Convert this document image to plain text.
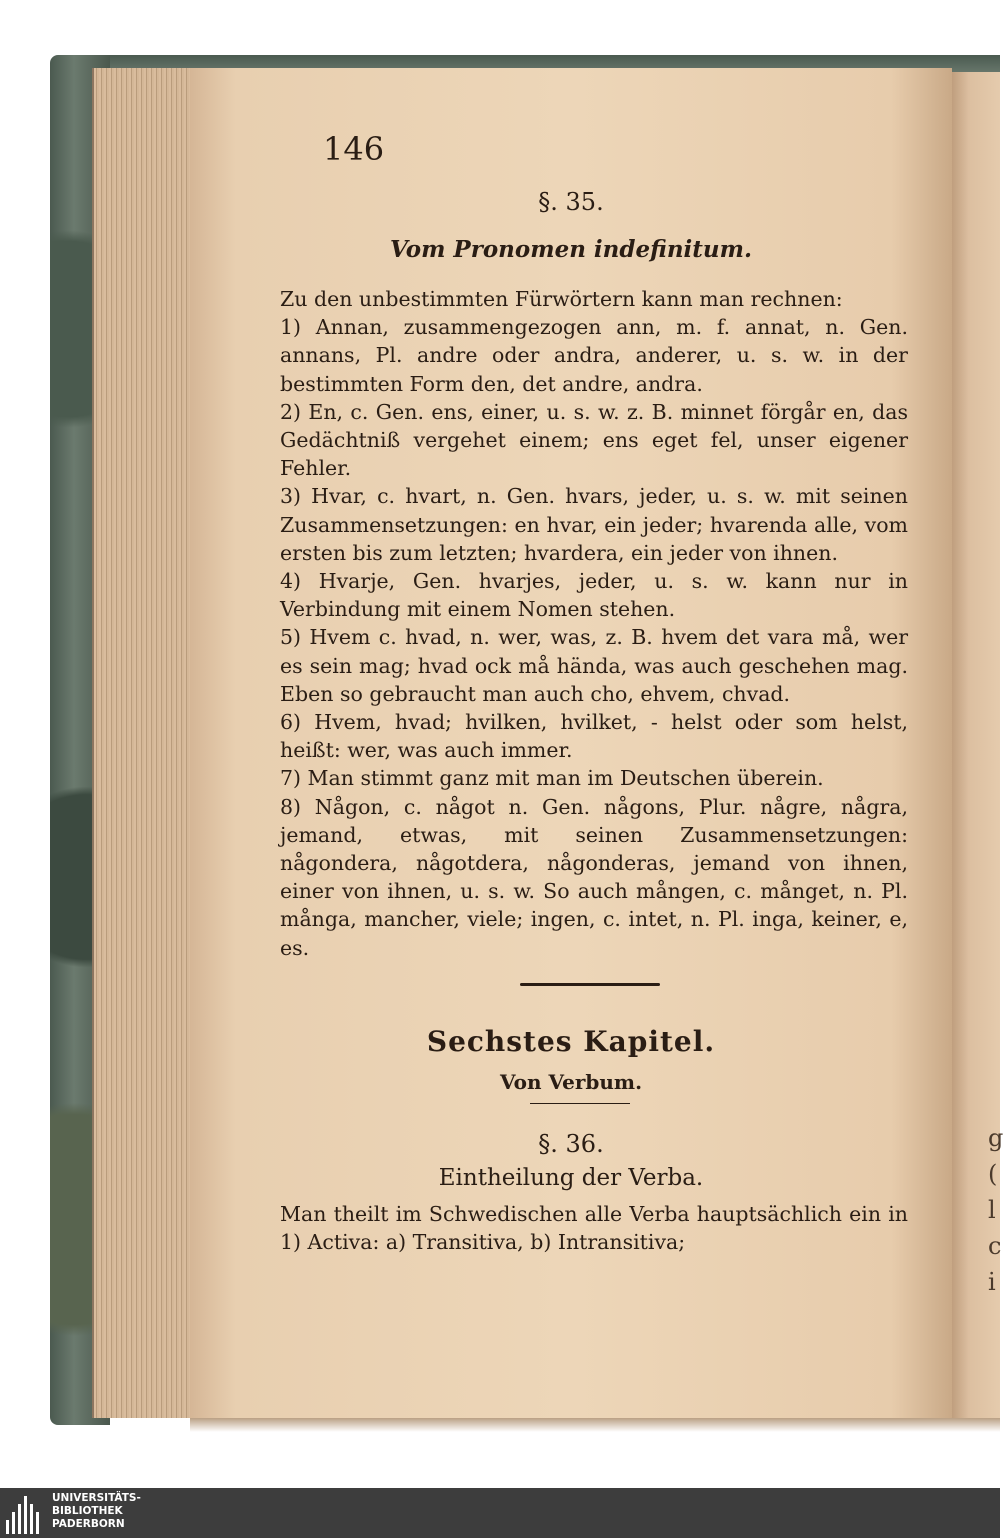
g
(
l
c
i
146
§. 35.
Vom Pronomen indefinitum.

Zu den unbestimmten Fürwörtern kann man rechnen:

1) Annan, zusammengezogen ann, m. f. annat, n. Gen. annans, Pl. andre oder andra, anderer, u. s. w. in der bestimmten Form den, det andre, andra.

2) En, c. Gen. ens, einer, u. s. w. z. B. minnet förgår en, das Gedächtniß vergehet einem; ens eget fel, unser eigener Fehler.

3) Hvar, c. hvart, n. Gen. hvars, jeder, u. s. w. mit seinen Zusammensetzungen: en hvar, ein jeder; hvarenda alle, vom ersten bis zum letzten; hvardera, ein jeder von ihnen.

4) Hvarje, Gen. hvarjes, jeder, u. s. w. kann nur in Verbindung mit einem Nomen stehen.

5) Hvem c. hvad, n. wer, was, z. B. hvem det vara må, wer es sein mag; hvad ock må hända, was auch geschehen mag. Eben so gebraucht man auch cho, ehvem, chvad.

6) Hvem, hvad; hvilken, hvilket, - helst oder som helst, heißt: wer, was auch immer.

7) Man stimmt ganz mit man im Deutschen überein.

8) Någon, c. något n. Gen. någons, Plur. någre, några, jemand, etwas, mit seinen Zusammensetzungen: någondera, någotdera, någonderas, jemand von ihnen, einer von ihnen, u. s. w. So auch mången, c. månget, n. Pl. många, mancher, viele; ingen, c. intet, n. Pl. inga, keiner, e, es.

Sechstes Kapitel.
Von Verbum.
§. 36.
Eintheilung der Verba.

Man theilt im Schwedischen alle Verba hauptsächlich ein in 1) Activa: a) Transitiva, b) Intransitiva;

UNIVERSITÄTS-
BIBLIOTHEK
PADERBORN
